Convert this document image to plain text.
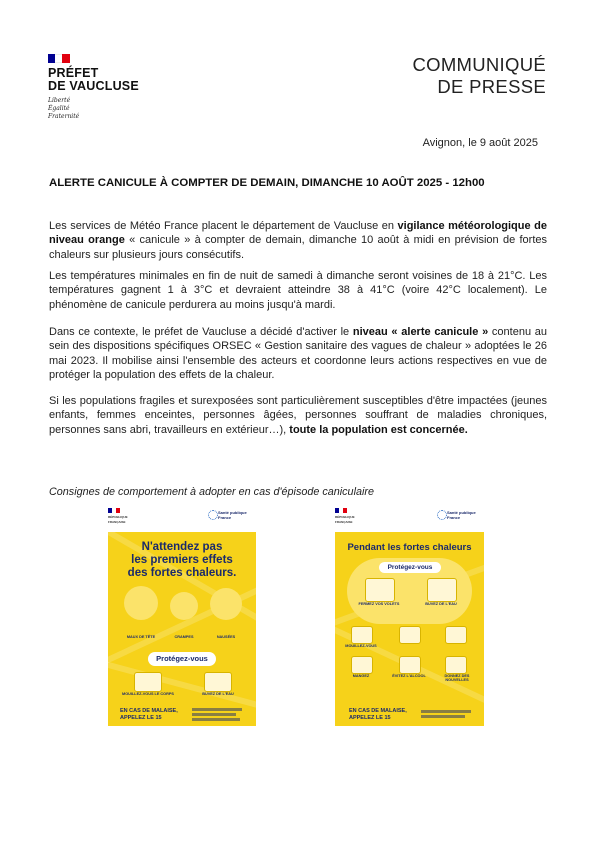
PRÉFET
DE VAUCLUSE
Liberté
Égalité
Fraternité
COMMUNIQUÉ
DE PRESSE
Avignon, le 9 août 2025
ALERTE CANICULE À COMPTER DE DEMAIN, DIMANCHE 10 AOÛT 2025 - 12h00
Les services de Météo France placent le département de Vaucluse en vigilance météorologique de niveau orange « canicule » à compter de demain, dimanche 10 août à midi en prévision de fortes chaleurs sur plusieurs jours consécutifs.
Les températures minimales en fin de nuit de samedi à dimanche seront voisines de 18 à 21°C. Les températures gagnent 1 à 3°C et devraient atteindre 38 à 41°C (voire 42°C localement). Le phénomène de canicule perdurera au moins jusqu'à mardi.
Dans ce contexte, le préfet de Vaucluse a décidé d'activer le niveau « alerte canicule » contenu au sein des dispositions spécifiques ORSEC « Gestion sanitaire des vagues de chaleur » adoptées le 26 mai 2023. Il mobilise ainsi l'ensemble des acteurs et coordonne leurs actions respectives en vue de protéger la population des effets de la chaleur.
Si les populations fragiles et surexposées sont particulièrement susceptibles d'être impactées (jeunes enfants, femmes enceintes, personnes âgées, personnes souffrant de maladies chroniques, personnes sans abri, travailleurs en extérieur…), toute la population est concernée.
Consignes de comportement à adopter en cas d'épisode caniculaire
RÉPUBLIQUE FRANÇAISE
Santé publique France
N'attendez pas
les premiers effets
des fortes chaleurs.
MAUX DE TÊTE	CRAMPES	NAUSÉES
Protégez-vous
MOUILLEZ-VOUS LE CORPS	BUVEZ DE L'EAU
EN CAS DE MALAISE, APPELEZ LE 15
RÉPUBLIQUE FRANÇAISE
Santé publique France
Pendant les fortes chaleurs
Protégez-vous
FERMEZ VOS VOLETS	BUVEZ DE L'EAU
MOUILLEZ-VOUS
MANGEZ	ÉVITEZ L'ALCOOL	DONNEZ DES NOUVELLES
EN CAS DE MALAISE,
APPELEZ LE 15
